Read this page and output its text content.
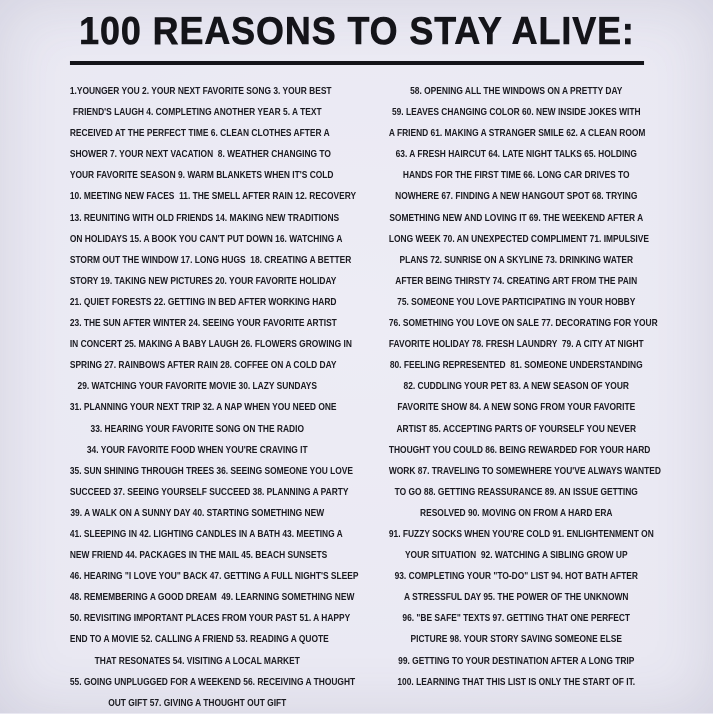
100 REASONS TO STAY ALIVE:
1.YOUNGER YOU 2. YOUR NEXT FAVORITE SONG 3. YOUR BEST
FRIEND'S LAUGH 4. COMPLETING ANOTHER YEAR 5. A TEXT
RECEIVED AT THE PERFECT TIME 6. CLEAN CLOTHES AFTER A
SHOWER 7. YOUR NEXT VACATION  8. WEATHER CHANGING TO
YOUR FAVORITE SEASON 9. WARM BLANKETS WHEN IT'S COLD
10. MEETING NEW FACES  11. THE SMELL AFTER RAIN 12. RECOVERY
13. REUNITING WITH OLD FRIENDS 14. MAKING NEW TRADITIONS
ON HOLIDAYS 15. A BOOK YOU CAN'T PUT DOWN 16. WATCHING A
STORM OUT THE WINDOW 17. LONG HUGS  18. CREATING A BETTER
STORY 19. TAKING NEW PICTURES 20. YOUR FAVORITE HOLIDAY
21. QUIET FORESTS 22. GETTING IN BED AFTER WORKING HARD
23. THE SUN AFTER WINTER 24. SEEING YOUR FAVORITE ARTIST
IN CONCERT 25. MAKING A BABY LAUGH 26. FLOWERS GROWING IN
SPRING 27. RAINBOWS AFTER RAIN 28. COFFEE ON A COLD DAY
29. WATCHING YOUR FAVORITE MOVIE 30. LAZY SUNDAYS
31. PLANNING YOUR NEXT TRIP 32. A NAP WHEN YOU NEED ONE
33. HEARING YOUR FAVORITE SONG ON THE RADIO
34. YOUR FAVORITE FOOD WHEN YOU'RE CRAVING IT
35. SUN SHINING THROUGH TREES 36. SEEING SOMEONE YOU LOVE
SUCCEED 37. SEEING YOURSELF SUCCEED 38. PLANNING A PARTY
39. A WALK ON A SUNNY DAY 40. STARTING SOMETHING NEW
41. SLEEPING IN 42. LIGHTING CANDLES IN A BATH 43. MEETING A
NEW FRIEND 44. PACKAGES IN THE MAIL 45. BEACH SUNSETS
46. HEARING "I LOVE YOU" BACK 47. GETTING A FULL NIGHT'S SLEEP
48. REMEMBERING A GOOD DREAM  49. LEARNING SOMETHING NEW
50. REVISITING IMPORTANT PLACES FROM YOUR PAST 51. A HAPPY
END TO A MOVIE 52. CALLING A FRIEND 53. READING A QUOTE
THAT RESONATES 54. VISITING A LOCAL MARKET
55. GOING UNPLUGGED FOR A WEEKEND 56. RECEIVING A THOUGHT
OUT GIFT 57. GIVING A THOUGHT OUT GIFT
58. OPENING ALL THE WINDOWS ON A PRETTY DAY
59. LEAVES CHANGING COLOR 60. NEW INSIDE JOKES WITH
A FRIEND 61. MAKING A STRANGER SMILE 62. A CLEAN ROOM
63. A FRESH HAIRCUT 64. LATE NIGHT TALKS 65. HOLDING
HANDS FOR THE FIRST TIME 66. LONG CAR DRIVES TO
NOWHERE 67. FINDING A NEW HANGOUT SPOT 68. TRYING
SOMETHING NEW AND LOVING IT 69. THE WEEKEND AFTER A
LONG WEEK 70. AN UNEXPECTED COMPLIMENT 71. IMPULSIVE
PLANS 72. SUNRISE ON A SKYLINE 73. DRINKING WATER
AFTER BEING THIRSTY 74. CREATING ART FROM THE PAIN
75. SOMEONE YOU LOVE PARTICIPATING IN YOUR HOBBY
76. SOMETHING YOU LOVE ON SALE 77. DECORATING FOR YOUR
FAVORITE HOLIDAY 78. FRESH LAUNDRY  79. A CITY AT NIGHT
80. FEELING REPRESENTED  81. SOMEONE UNDERSTANDING
82. CUDDLING YOUR PET 83. A NEW SEASON OF YOUR
FAVORITE SHOW 84. A NEW SONG FROM YOUR FAVORITE
ARTIST 85. ACCEPTING PARTS OF YOURSELF YOU NEVER
THOUGHT YOU COULD 86. BEING REWARDED FOR YOUR HARD
WORK 87. TRAVELING TO SOMEWHERE YOU'VE ALWAYS WANTED
TO GO 88. GETTING REASSURANCE 89. AN ISSUE GETTING
RESOLVED 90. MOVING ON FROM A HARD ERA
91. FUZZY SOCKS WHEN YOU'RE COLD 91. ENLIGHTENMENT ON
YOUR SITUATION  92. WATCHING A SIBLING GROW UP
93. COMPLETING YOUR "TO-DO" LIST 94. HOT BATH AFTER
A STRESSFUL DAY 95. THE POWER OF THE UNKNOWN
96. "BE SAFE" TEXTS 97. GETTING THAT ONE PERFECT
PICTURE 98. YOUR STORY SAVING SOMEONE ELSE
99. GETTING TO YOUR DESTINATION AFTER A LONG TRIP
100. LEARNING THAT THIS LIST IS ONLY THE START OF IT.
